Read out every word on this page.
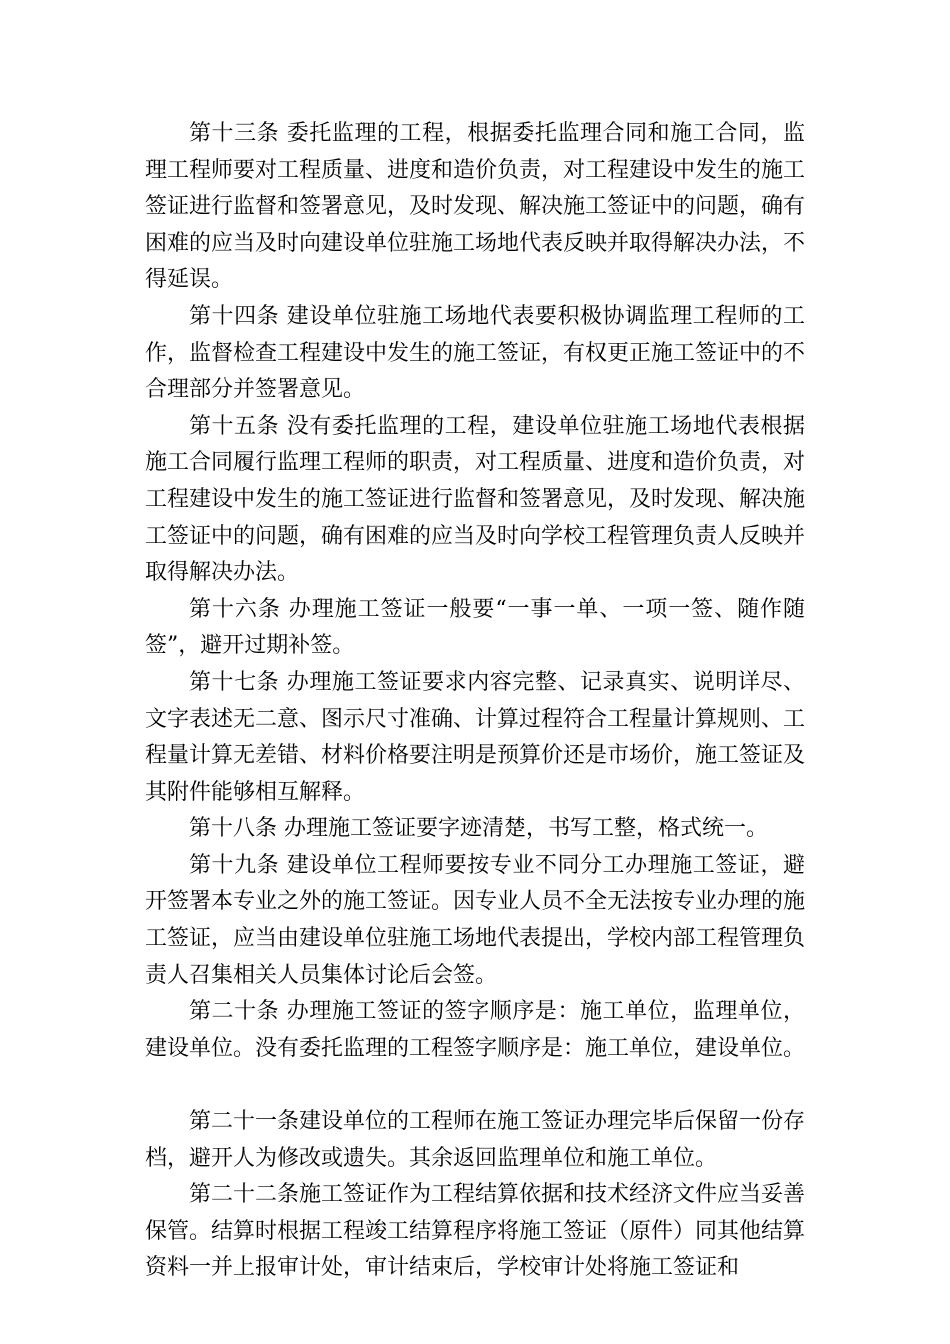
第十三条 委托监理的工程，根据委托监理合同和施工合同，监理工程师要对工程质量、进度和造价负责，对工程建设中发生的施工签证进行监督和签署意见，及时发现、解决施工签证中的问题，确有困难的应当及时向建设单位驻施工场地代表反映并取得解决办法，不得延误。

第十四条 建设单位驻施工场地代表要积极协调监理工程师的工作，监督检查工程建设中发生的施工签证，有权更正施工签证中的不合理部分并签署意见。

第十五条 没有委托监理的工程，建设单位驻施工场地代表根据施工合同履行监理工程师的职责，对工程质量、进度和造价负责，对工程建设中发生的施工签证进行监督和签署意见，及时发现、解决施工签证中的问题，确有困难的应当及时向学校工程管理负责人反映并取得解决办法。

第十六条 办理施工签证一般要“一事一单、一项一签、随作随签”，避开过期补签。

第十七条 办理施工签证要求内容完整、记录真实、说明详尽、文字表述无二意、图示尺寸准确、计算过程符合工程量计算规则、工程量计算无差错、材料价格要注明是预算价还是市场价，施工签证及其附件能够相互解释。

第十八条 办理施工签证要字迹清楚，书写工整，格式统一。

第十九条 建设单位工程师要按专业不同分工办理施工签证，避开签署本专业之外的施工签证。因专业人员不全无法按专业办理的施工签证，应当由建设单位驻施工场地代表提出，学校内部工程管理负责人召集相关人员集体讨论后会签。

第二十条 办理施工签证的签字顺序是：施工单位，监理单位，建设单位。没有委托监理的工程签字顺序是：施工单位，建设单位。

第二十一条建设单位的工程师在施工签证办理完毕后保留一份存档，避开人为修改或遗失。其余返回监理单位和施工单位。

第二十二条施工签证作为工程结算依据和技术经济文件应当妥善保管。结算时根据工程竣工结算程序将施工签证（原件）同其他结算资料一并上报审计处，审计结束后，学校审计处将施工签证和
